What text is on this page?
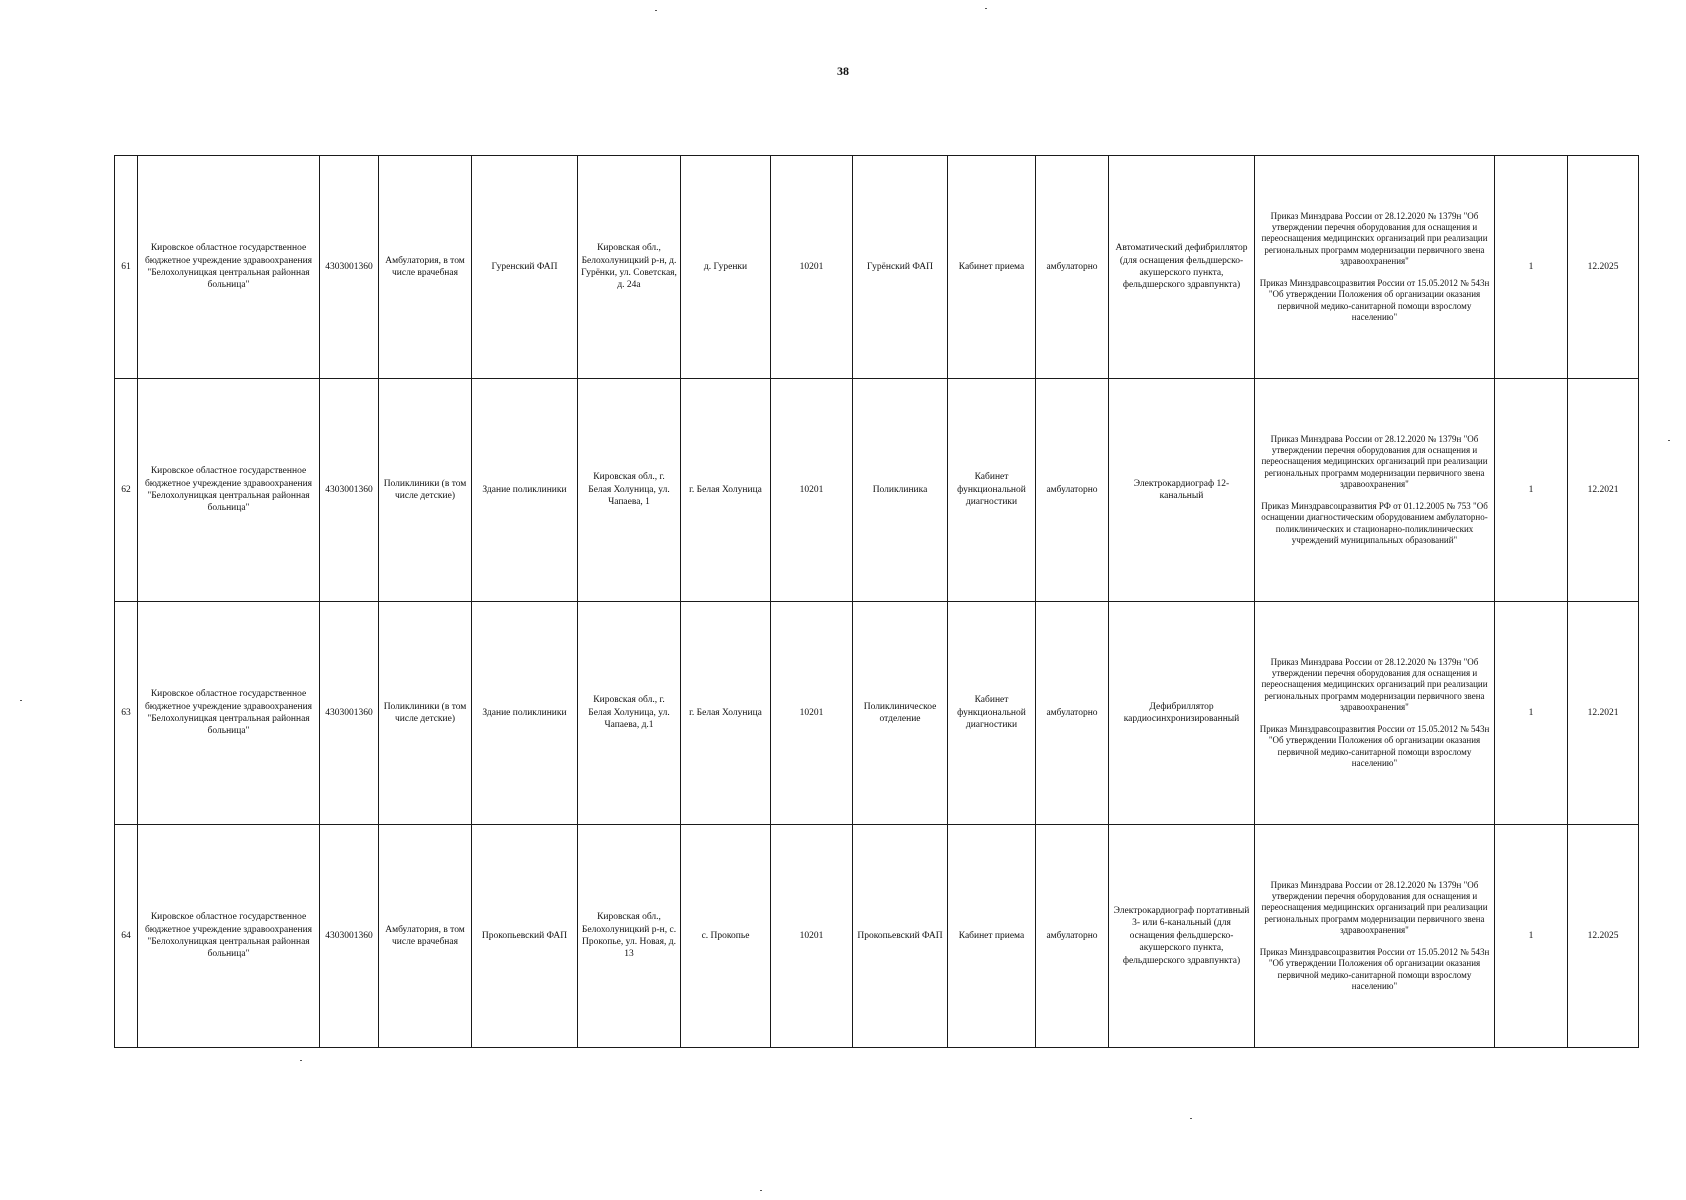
38
61	Кировское областное государственное бюджетное учреждение здравоохранения "Белохолуницкая центральная районная больница"	4303001360	Амбулатория, в том числе врачебная	Гуренский ФАП	Кировская обл., Белохолуницкий р-н, д. Гурёнки, ул. Советская, д. 24а	д. Гуренки	10201	Гурёнский ФАП	Кабинет приема	амбулаторно	Автоматический дефибриллятор (для оснащения фельдшерско-акушерского пункта, фельдшерского здравпункта)	Приказ Минздрава России от 28.12.2020 № 1379н "Об утверждении перечня оборудования для оснащения и переоснащения медицинских организаций при реализации региональных программ модернизации первичного звена здравоохранения"
Приказ Минздравсоцразвития России от 15.05.2012 № 543н "Об утверждении Положения об организации оказания первичной медико-санитарной помощи взрослому населению"	1	12.2025
62	Кировское областное государственное бюджетное учреждение здравоохранения "Белохолуницкая центральная районная больница"	4303001360	Поликлиники (в том числе детские)	Здание поликлиники	Кировская обл., г. Белая Холуница, ул. Чапаева, 1	г. Белая Холуница	10201	Поликлиника	Кабинет функциональной диагностики	амбулаторно	Электрокардиограф 12-канальный	Приказ Минздрава России от 28.12.2020 № 1379н "Об утверждении перечня оборудования для оснащения и переоснащения медицинских организаций при реализации региональных программ модернизации первичного звена здравоохранения"
Приказ Минздравсоцразвития РФ от 01.12.2005 № 753 "Об оснащении диагностическим оборудованием амбулаторно-поликлинических и стационарно-поликлинических учреждений муниципальных образований"	1	12.2021
63	Кировское областное государственное бюджетное учреждение здравоохранения "Белохолуницкая центральная районная больница"	4303001360	Поликлиники (в том числе детские)	Здание поликлиники	Кировская обл., г. Белая Холуница, ул. Чапаева, д.1	г. Белая Холуница	10201	Поликлиническое отделение	Кабинет функциональной диагностики	амбулаторно	Дефибриллятор кардиосинхронизированный	Приказ Минздрава России от 28.12.2020 № 1379н "Об утверждении перечня оборудования для оснащения и переоснащения медицинских организаций при реализации региональных программ модернизации первичного звена здравоохранения"
Приказ Минздравсоцразвития России от 15.05.2012 № 543н "Об утверждении Положения об организации оказания первичной медико-санитарной помощи взрослому населению"	1	12.2021
64	Кировское областное государственное бюджетное учреждение здравоохранения "Белохолуницкая центральная районная больница"	4303001360	Амбулатория, в том числе врачебная	Прокопьевский ФАП	Кировская обл., Белохолуницкий р-н, с. Прокопье, ул. Новая, д. 13	с. Прокопье	10201	Прокопьевский ФАП	Кабинет приема	амбулаторно	Электрокардиограф портативный 3- или 6-канальный (для оснащения фельдшерско-акушерского пункта, фельдшерского здравпункта)	Приказ Минздрава России от 28.12.2020 № 1379н "Об утверждении перечня оборудования для оснащения и переоснащения медицинских организаций при реализации региональных программ модернизации первичного звена здравоохранения"
Приказ Минздравсоцразвития России от 15.05.2012 № 543н "Об утверждении Положения об организации оказания первичной медико-санитарной помощи взрослому населению"	1	12.2025
